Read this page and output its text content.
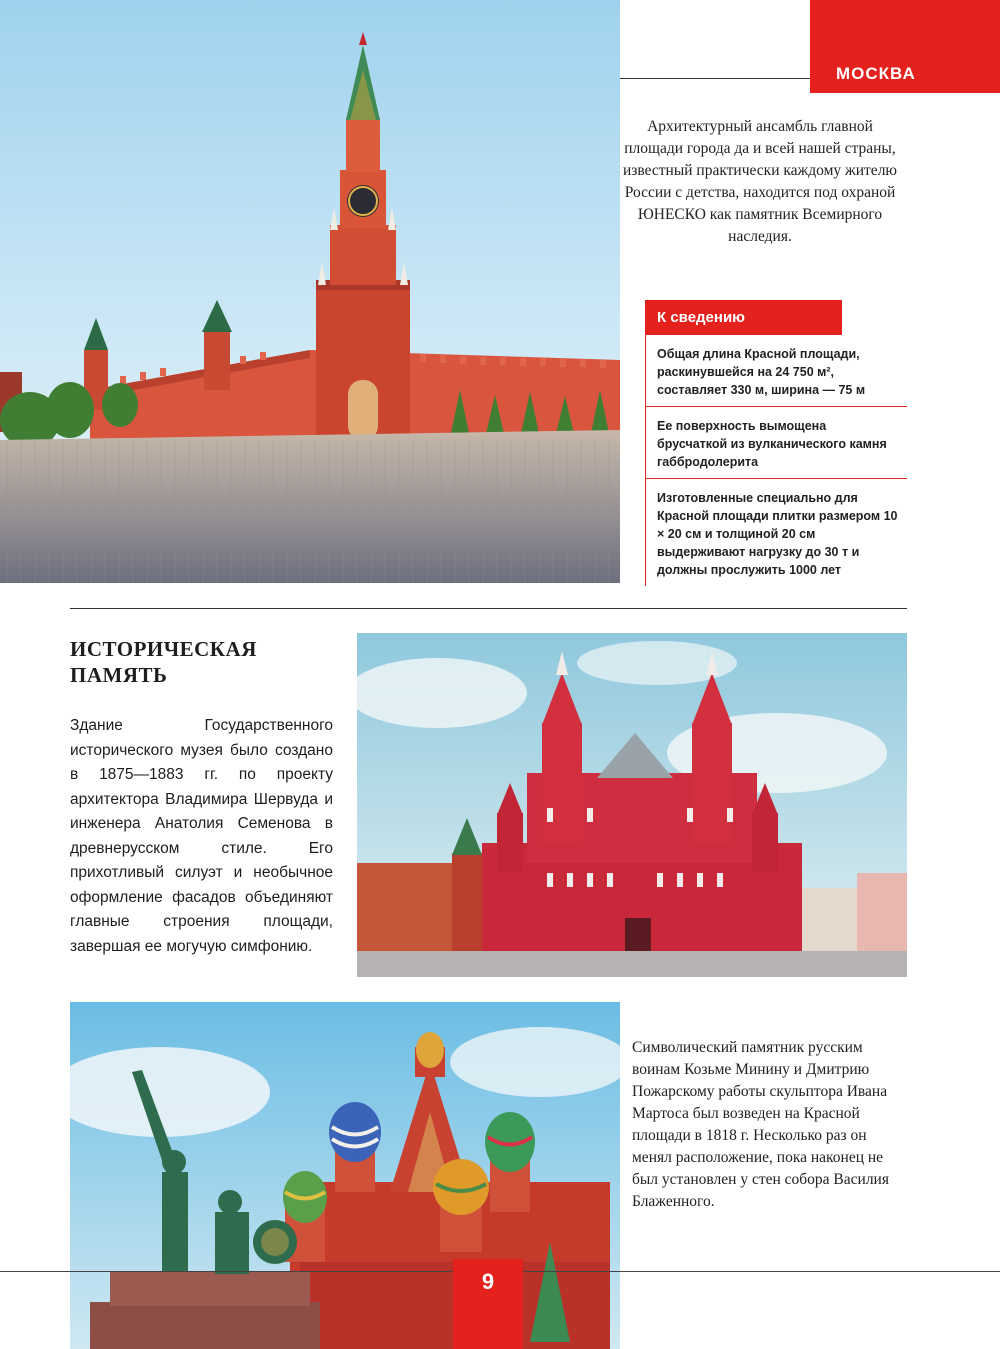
МОСКВА

Архитектурный ансамбль главной площади города да и всей нашей страны, известный практически каждому жителю России с детства, находится под охраной ЮНЕСКО как памятник Всемирного наследия.

К сведению
Общая длина Красной площади, раскинувшейся на 24 750 м², составляет 330 м, ширина — 75 м
Ее поверхность вымощена брусчаткой из вулканического камня габбродолерита
Изготовленные специально для Красной площади плитки размером 10 × 20 см и толщиной 20 см выдерживают нагрузку до 30 т и должны прослужить 1000 лет
ИСТОРИЧЕСКАЯ ПАМЯТЬ

Здание Государственного исторического музея было создано в 1875—1883 гг. по проекту архитектора Владимира Шервуда и инженера Анатолия Семенова в древнерусском стиле. Его прихотливый силуэт и необычное оформление фасадов объединяют главные строения площади, завершая ее могучую симфонию.

Символический памятник русским воинам Козьме Минину и Дмитрию Пожарскому работы скульптора Ивана Мартоса был возведен на Красной площади в 1818 г. Несколько раз он менял расположение, пока наконец не был установлен у стен собора Василия Блаженного.

9
